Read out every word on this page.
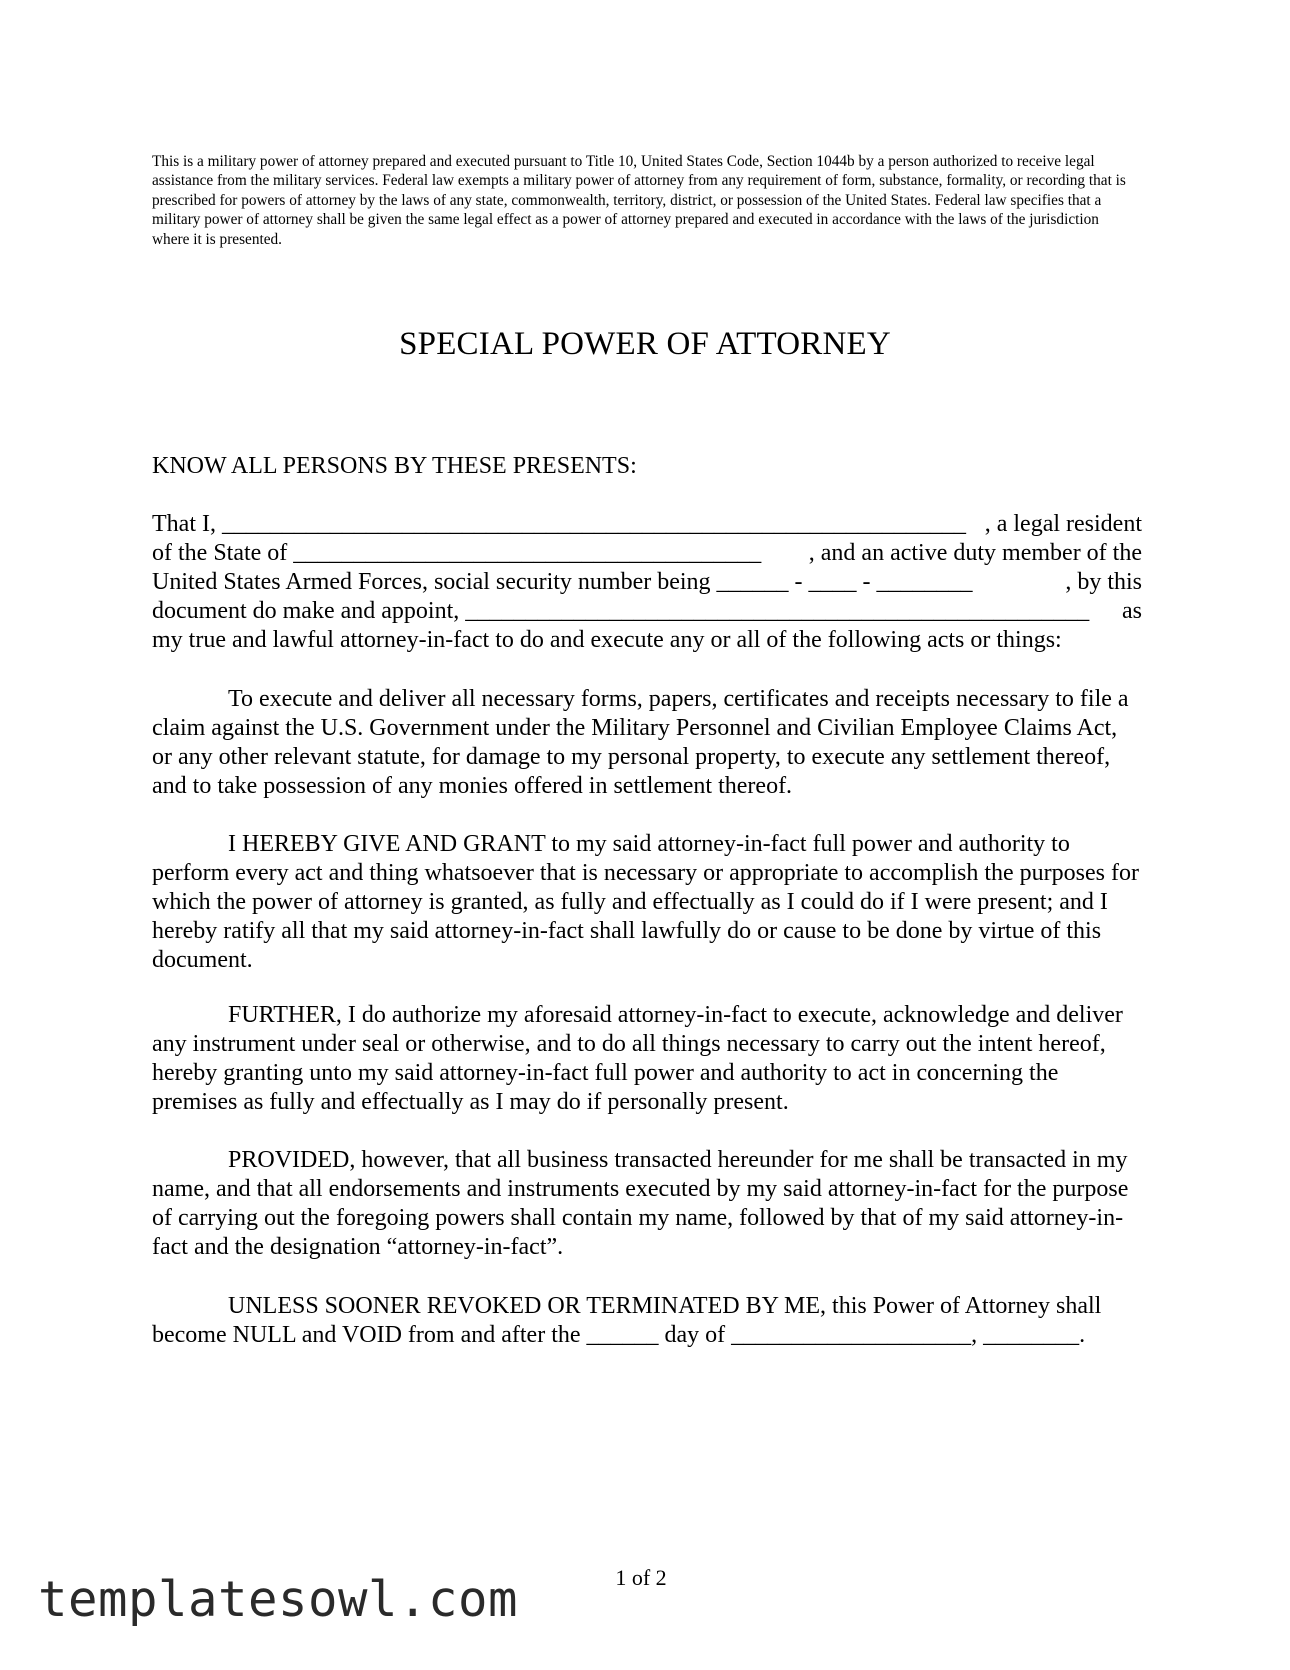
This is a military power of attorney prepared and executed pursuant to Title 10, United States Code, Section 1044b by a person authorized to receive legal assistance from the military services. Federal law exempts a military power of attorney from any requirement of form, substance, formality, or recording that is prescribed for powers of attorney by the laws of any state, commonwealth, territory, district, or possession of the United States. Federal law specifies that a military power of attorney shall be given the same legal effect as a power of attorney prepared and executed in accordance with the laws of the jurisdiction where it is presented.

SPECIAL POWER OF ATTORNEY

KNOW ALL PERSONS BY THESE PRESENTS:

That I, ______________________________________________________________ , a legal resident
of the State of _______________________________________ , and an active duty member of the
United States Armed Forces, social security number being ______ - ____ - ________	, by this
document do make and appoint, ____________________________________________________ as
my true and lawful attorney-in-fact to do and execute any or all of the following acts or things:

To execute and deliver all necessary forms, papers, certificates and receipts necessary to file a claim against the U.S. Government under the Military Personnel and Civilian Employee Claims Act, or any other relevant statute, for damage to my personal property, to execute any settlement thereof, and to take possession of any monies offered in settlement thereof.

I HEREBY GIVE AND GRANT to my said attorney-in-fact full power and authority to perform every act and thing whatsoever that is necessary or appropriate to accomplish the purposes for which the power of attorney is granted, as fully and effectually as I could do if I were present; and I hereby ratify all that my said attorney-in-fact shall lawfully do or cause to be done by virtue of this document.

FURTHER, I do authorize my aforesaid attorney-in-fact to execute, acknowledge and deliver any instrument under seal or otherwise, and to do all things necessary to carry out the intent hereof, hereby granting unto my said attorney-in-fact full power and authority to act in concerning the premises as fully and effectually as I may do if personally present.

PROVIDED, however, that all business transacted hereunder for me shall be transacted in my name, and that all endorsements and instruments executed by my said attorney-in-fact for the purpose of carrying out the foregoing powers shall contain my name, followed by that of my said attorney-in-fact and the designation “attorney-in-fact”.

UNLESS SOONER REVOKED OR TERMINATED BY ME, this Power of Attorney shall become NULL and VOID from and after the ______ day of ____________________, ________.

1 of 2

templatesowl.com
